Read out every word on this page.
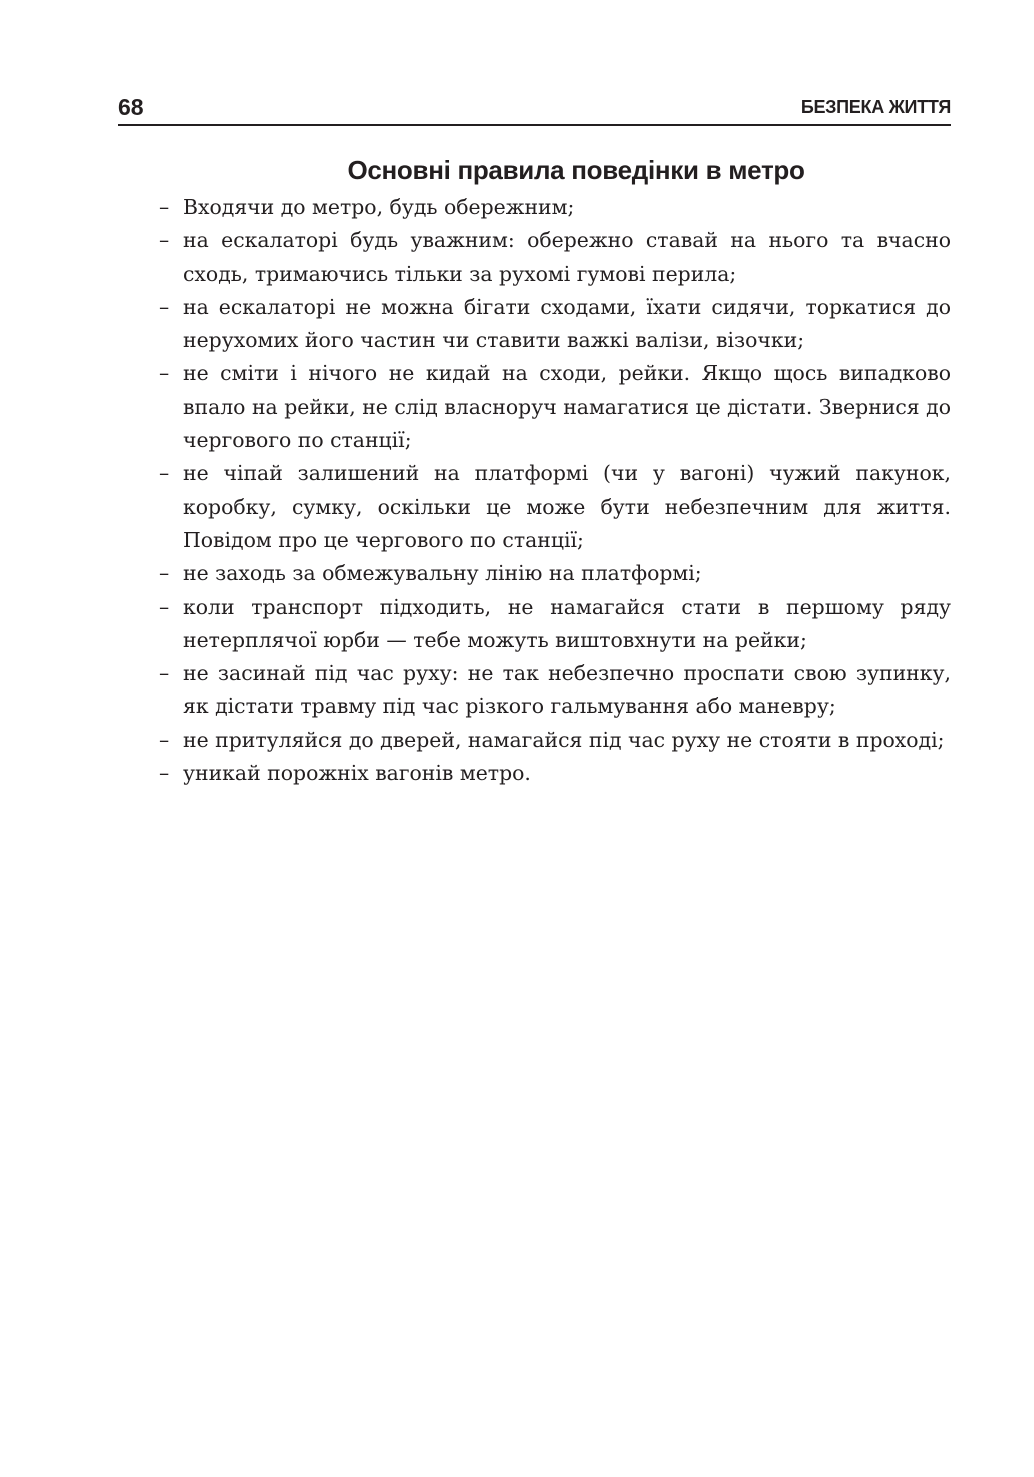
68	БЕЗПЕКА ЖИТТЯ
Основні правила поведінки в метро
– Входячи до метро, будь обережним;
– на ескалаторі будь уважним: обережно ставай на нього та вчасно сходь, тримаючись тільки за рухомі гумові перила;
– на ескалаторі не можна бігати сходами, їхати сидячи, торкатися до нерухомих його частин чи ставити важкі валізи, візочки;
– не сміти і нічого не кидай на сходи, рейки. Якщо щось випадково впало на рейки, не слід власноруч намагатися це дістати. Звернися до чергового по станції;
– не чіпай залишений на платформі (чи у вагоні) чужий пакунок, коробку, сумку, оскільки це може бути небезпечним для життя. Повідом про це чергового по станції;
– не заходь за обмежувальну лінію на платформі;
– коли транспорт підходить, не намагайся стати в першому ряду нетерплячої юрби — тебе можуть виштовхнути на рейки;
– не засинай під час руху: не так небезпечно проспати свою зупинку, як дістати травму під час різкого гальмування або маневру;
– не притуляйся до дверей, намагайся під час руху не стояти в проході;
– уникай порожніх вагонів метро.
